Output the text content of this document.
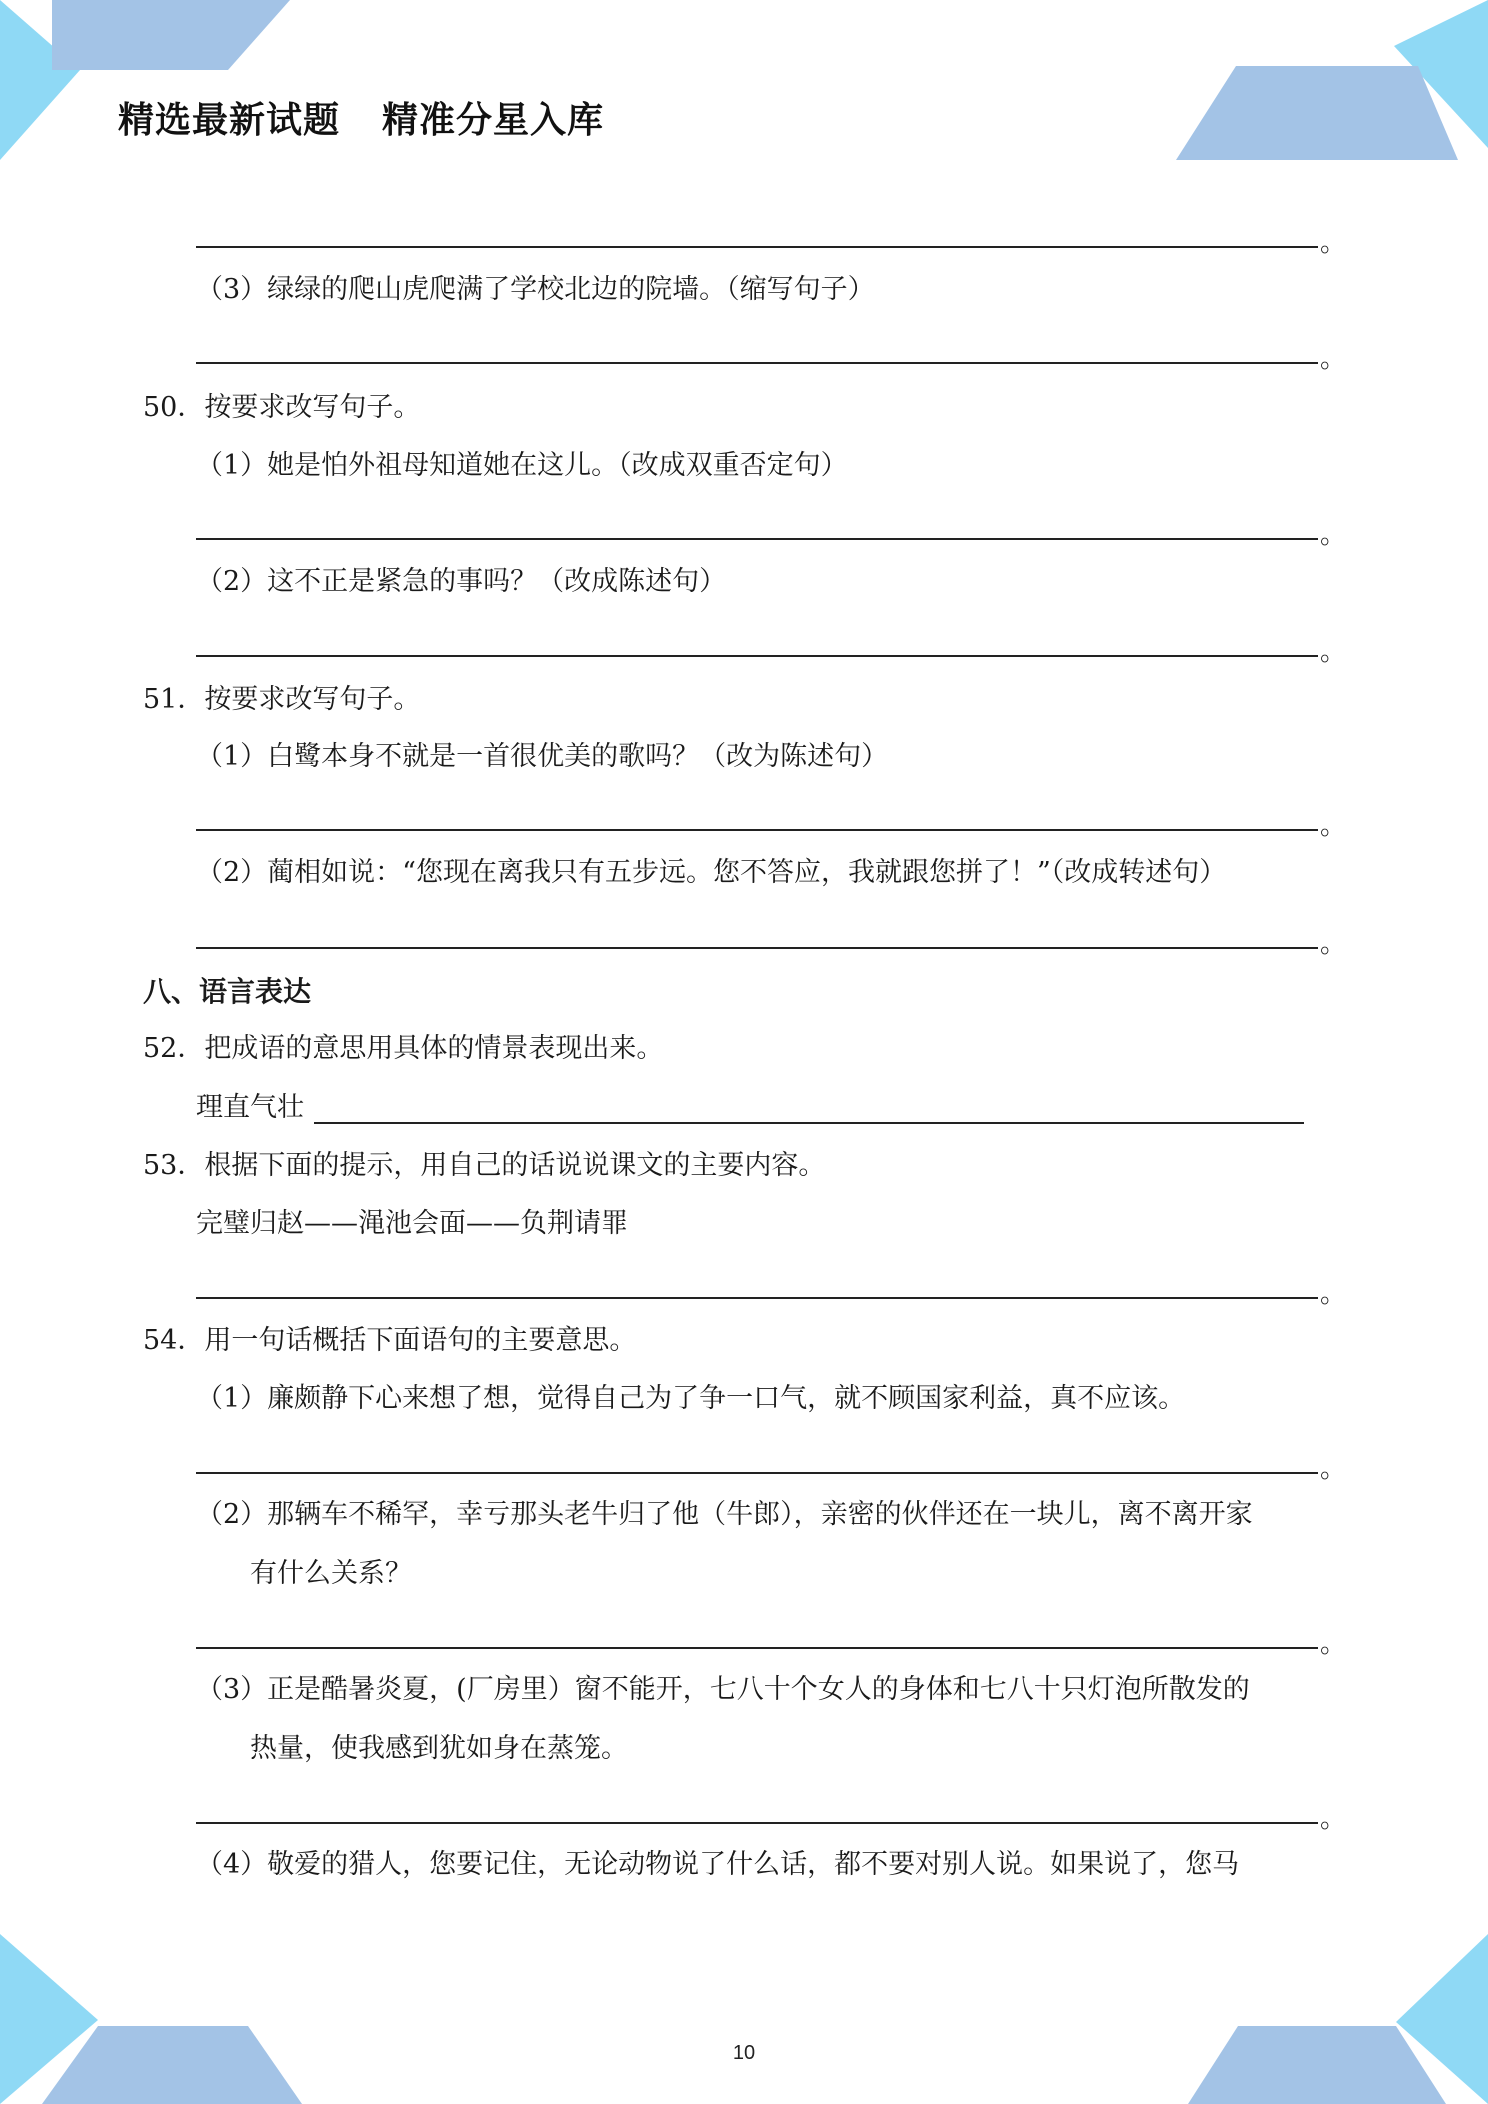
精选最新试题 精准分星入库
。
（3）绿绿的爬山虎爬满了学校北边的院墙。（缩写句子）
。
50．按要求改写句子。
（1）她是怕外祖母知道她在这儿。（改成双重否定句）
。
（2）这不正是紧急的事吗？（改成陈述句）
。
51．按要求改写句子。
（1）白鹭本身不就是一首很优美的歌吗？（改为陈述句）
。
（2）蔺相如说：“您现在离我只有五步远。您不答应，我就跟您拼了！”（改成转述句）
。
八、语言表达
52．把成语的意思用具体的情景表现出来。
理直气壮
53．根据下面的提示，用自己的话说说课文的主要内容。
完璧归赵——渑池会面——负荆请罪
。
54．用一句话概括下面语句的主要意思。
（1）廉颇静下心来想了想，觉得自己为了争一口气，就不顾国家利益，真不应该。
。
（2）那辆车不稀罕，幸亏那头老牛归了他（牛郎），亲密的伙伴还在一块儿，离不离开家
有什么关系？
。
（3）正是酷暑炎夏，(厂房里）窗不能开，七八十个女人的身体和七八十只灯泡所散发的
热量，使我感到犹如身在蒸笼。
。
（4）敬爱的猎人，您要记住，无论动物说了什么话，都不要对别人说。如果说了，您马
10
